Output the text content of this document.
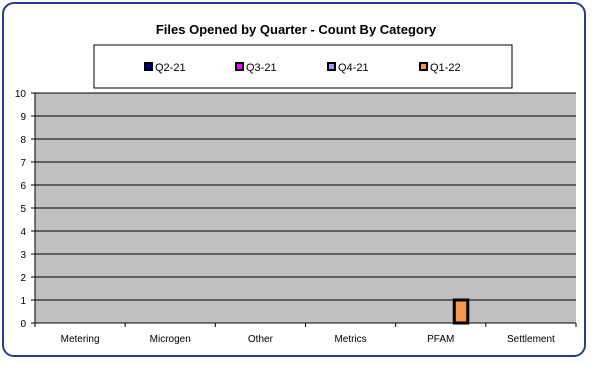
Files Opened by Quarter - Count By Category
Q2-21	Q3-21	Q4-21	Q1-22
0
1
2
3
4
5
6
7
8
9
10
Metering	Microgen	Other	Metrics	PFAM	Settlement
